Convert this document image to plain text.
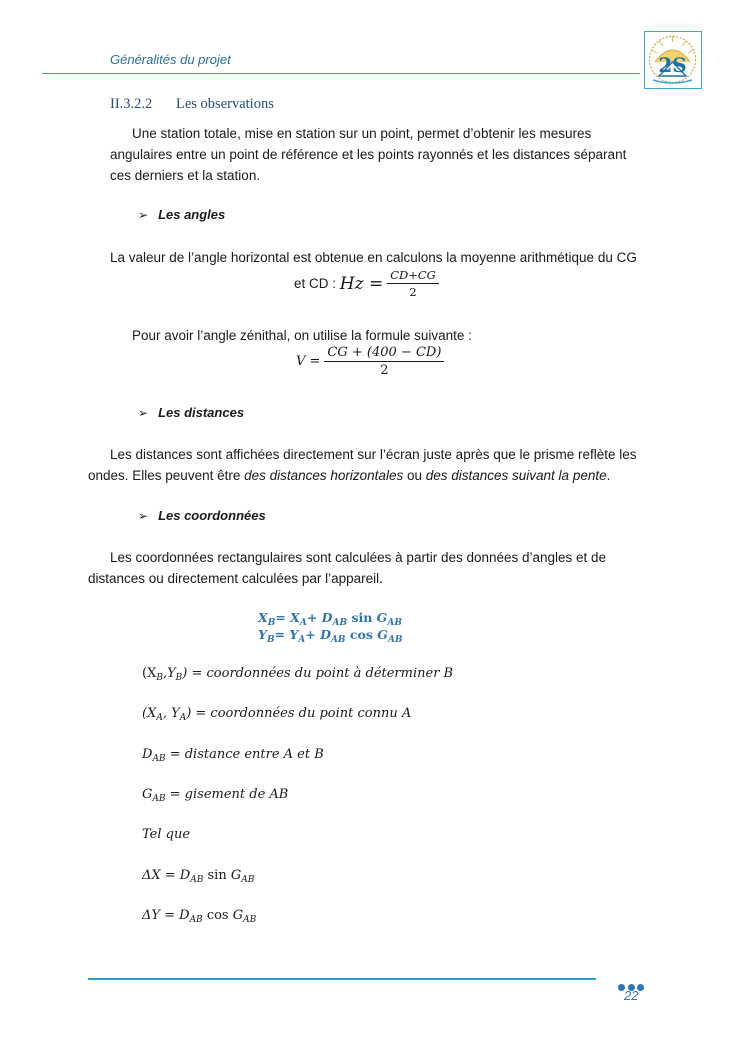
Généralités du projet	2S
II.3.2.2 Les observations
Une station totale, mise en station sur un point, permet d’obtenir les mesures
angulaires entre un point de référence et les points rayonnés et les distances séparant
ces derniers et la station.
➢ Les angles
La valeur de l’angle horizontal est obtenue en calculons la moyenne arithmétique du CG
et CD : $Hz = \frac{CD+CG}{2}$
Pour avoir l’angle zénithal, on utilise la formule suivante :
$V = \frac{CG + (400 - CD)}{2}$
➢ Les distances
Les distances sont affichées directement sur l’écran juste après que le prisme reflète les
ondes. Elles peuvent être des distances horizontales ou des distances suivant la pente.
➢ Les coordonnées
Les coordonnées rectangulaires sont calculées à partir des données d’angles et de
distances ou directement calculées par l’appareil.
$X_B= X_A+ D_{AB}$ $\sin G_{AB}$
$Y_B= Y_A+ D_{AB}$ $\cos G_{AB}$
$(X_B,Y_B)$ = coordonnées du point à déterminer B
($X_A$, $Y_A$) = coordonnées du point connu A
$D_{AB}$ = distance entre A et B
$G_{AB}$ = gisement de AB
Tel que
$\Delta X = D_{AB}$ $\sin G_{AB}$
$\Delta Y = D_{AB}$ $\cos G_{AB}$
22
